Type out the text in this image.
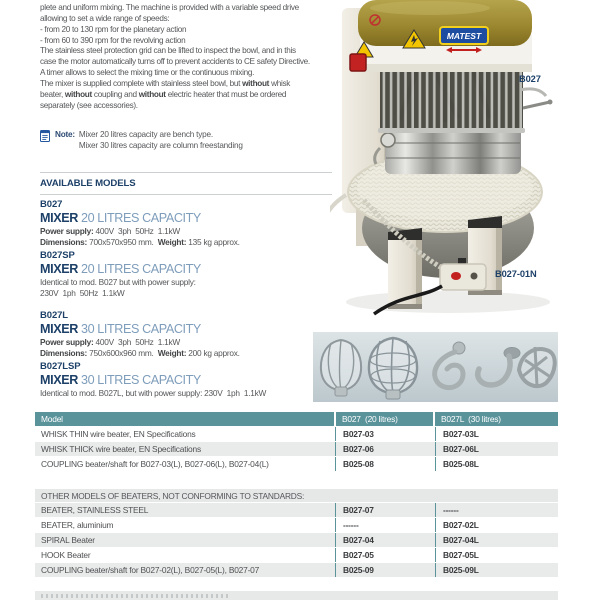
plete and uniform mixing. The machine is provided with a variable speed drive
allowing to set a wide range of speeds:
- from 20 to 130 rpm for the planetary action
- from 60 to 390 rpm for the revolving action
The stainless steel protection grid can be lifted to inspect the bowl, and in this
case the motor automatically turns off to prevent accidents to CE safety Directive.
A timer allows to select the mixing time or the continuous mixing.
The mixer is supplied complete with stainless steel bowl, but without whisk
beater, without coupling and without electric heater that must be ordered
separately (see accessories).
Note: Mixer 20 litres capacity are bench type.
Mixer 30 litres capacity are column freestanding
AVAILABLE MODELS
B027
MIXER 20 LITRES CAPACITY
Power supply: 400V  3ph  50Hz  1.1kW
Dimensions: 700x570x950 mm.  Weight: 135 kg approx.
B027SP
MIXER 20 LITRES CAPACITY
Identical to mod. B027 but with power supply:
230V  1ph  50Hz  1.1kW
B027L
MIXER 30 LITRES CAPACITY
Power supply: 400V  3ph  50Hz  1.1kW
Dimensions: 750x600x960 mm.  Weight: 200 kg approx.
B027LSP
MIXER 30 LITRES CAPACITY
Identical to mod. B027L, but with power supply: 230V  1ph  1.1kW
MATEST
B027
B027-01N
Model	B027  (20 litres)	B027L  (30 litres)
WHISK THIN wire beater, EN Specifications	B027-03	B027-03L
WHISK THICK wire beater, EN Specifications	B027-06	B027-06L
COUPLING beater/shaft for B027-03(L), B027-06(L), B027-04(L)	B025-08	B025-08L
OTHER MODELS OF BEATERS, NOT CONFORMING TO STANDARDS:
BEATER, STAINLESS STEEL	B027-07	------
BEATER, aluminium	------	B027-02L
SPIRAL Beater	B027-04	B027-04L
HOOK Beater	B027-05	B027-05L
COUPLING beater/shaft for B027-02(L), B027-05(L), B027-07	B025-09	B025-09L
